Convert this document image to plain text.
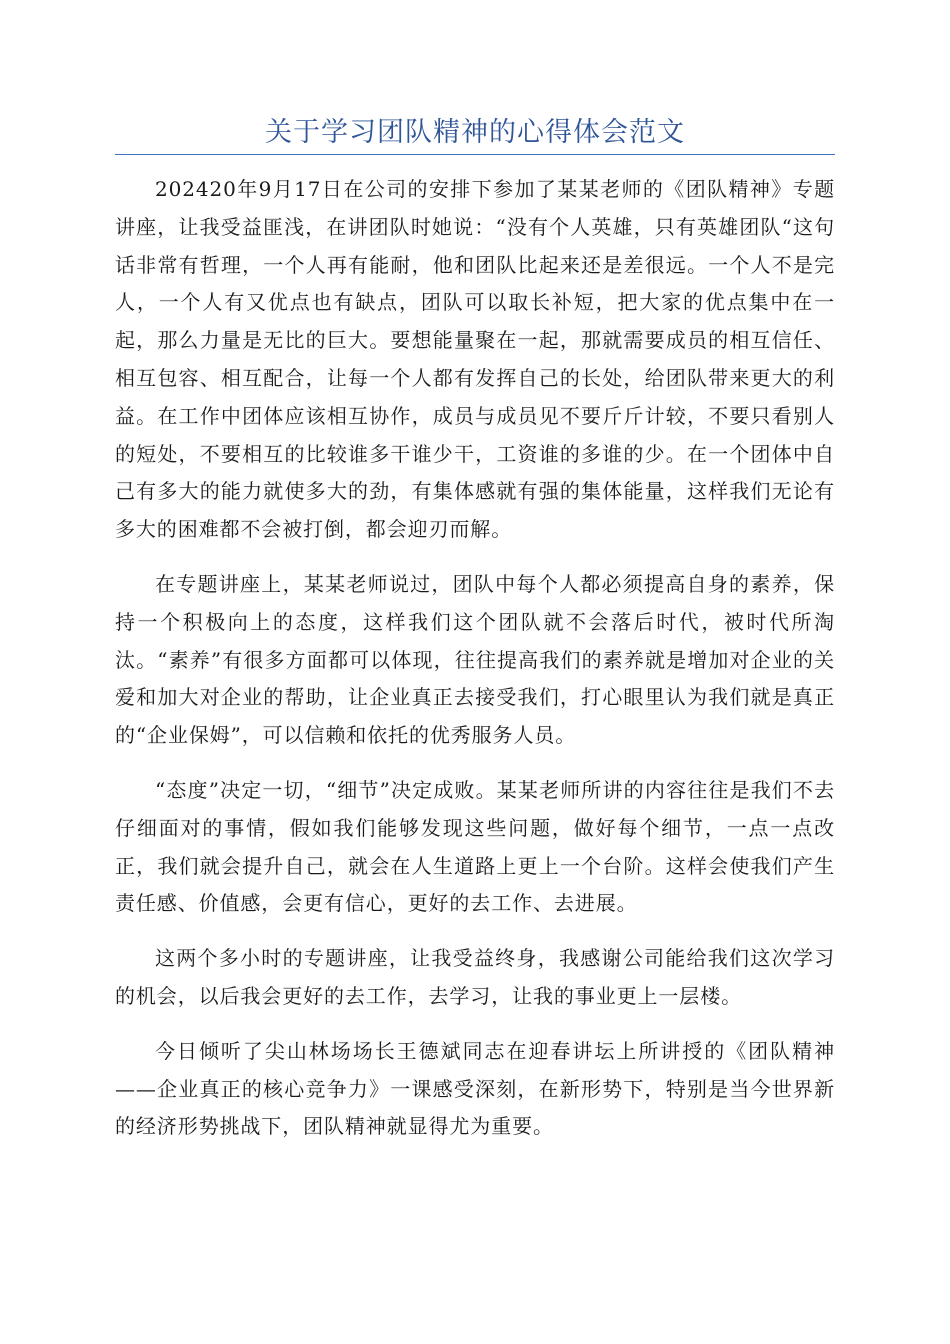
关于学习团队精神的心得体会范文

202420年9月17日在公司的安排下参加了某某老师的《团队精神》专题讲座，让我受益匪浅，在讲团队时她说：“没有个人英雄，只有英雄团队“这句话非常有哲理，一个人再有能耐，他和团队比起来还是差很远。一个人不是完人，一个人有又优点也有缺点，团队可以取长补短，把大家的优点集中在一起，那么力量是无比的巨大。要想能量聚在一起，那就需要成员的相互信任、相互包容、相互配合，让每一个人都有发挥自己的长处，给团队带来更大的利益。在工作中团体应该相互协作，成员与成员见不要斤斤计较，不要只看别人的短处，不要相互的比较谁多干谁少干，工资谁的多谁的少。在一个团体中自己有多大的能力就使多大的劲，有集体感就有强的集体能量，这样我们无论有多大的困难都不会被打倒，都会迎刃而解。

在专题讲座上，某某老师说过，团队中每个人都必须提高自身的素养，保持一个积极向上的态度，这样我们这个团队就不会落后时代，被时代所淘汰。“素养”有很多方面都可以体现，往往提高我们的素养就是增加对企业的关爱和加大对企业的帮助，让企业真正去接受我们，打心眼里认为我们就是真正的“企业保姆”，可以信赖和依托的优秀服务人员。

“态度”决定一切，“细节”决定成败。某某老师所讲的内容往往是我们不去仔细面对的事情，假如我们能够发现这些问题，做好每个细节，一点一点改正，我们就会提升自己，就会在人生道路上更上一个台阶。这样会使我们产生责任感、价值感，会更有信心，更好的去工作、去进展。

这两个多小时的专题讲座，让我受益终身，我感谢公司能给我们这次学习的机会，以后我会更好的去工作，去学习，让我的事业更上一层楼。

今日倾听了尖山林场场长王德斌同志在迎春讲坛上所讲授的《团队精神——企业真正的核心竞争力》一课感受深刻，在新形势下，特别是当今世界新的经济形势挑战下，团队精神就显得尤为重要。
